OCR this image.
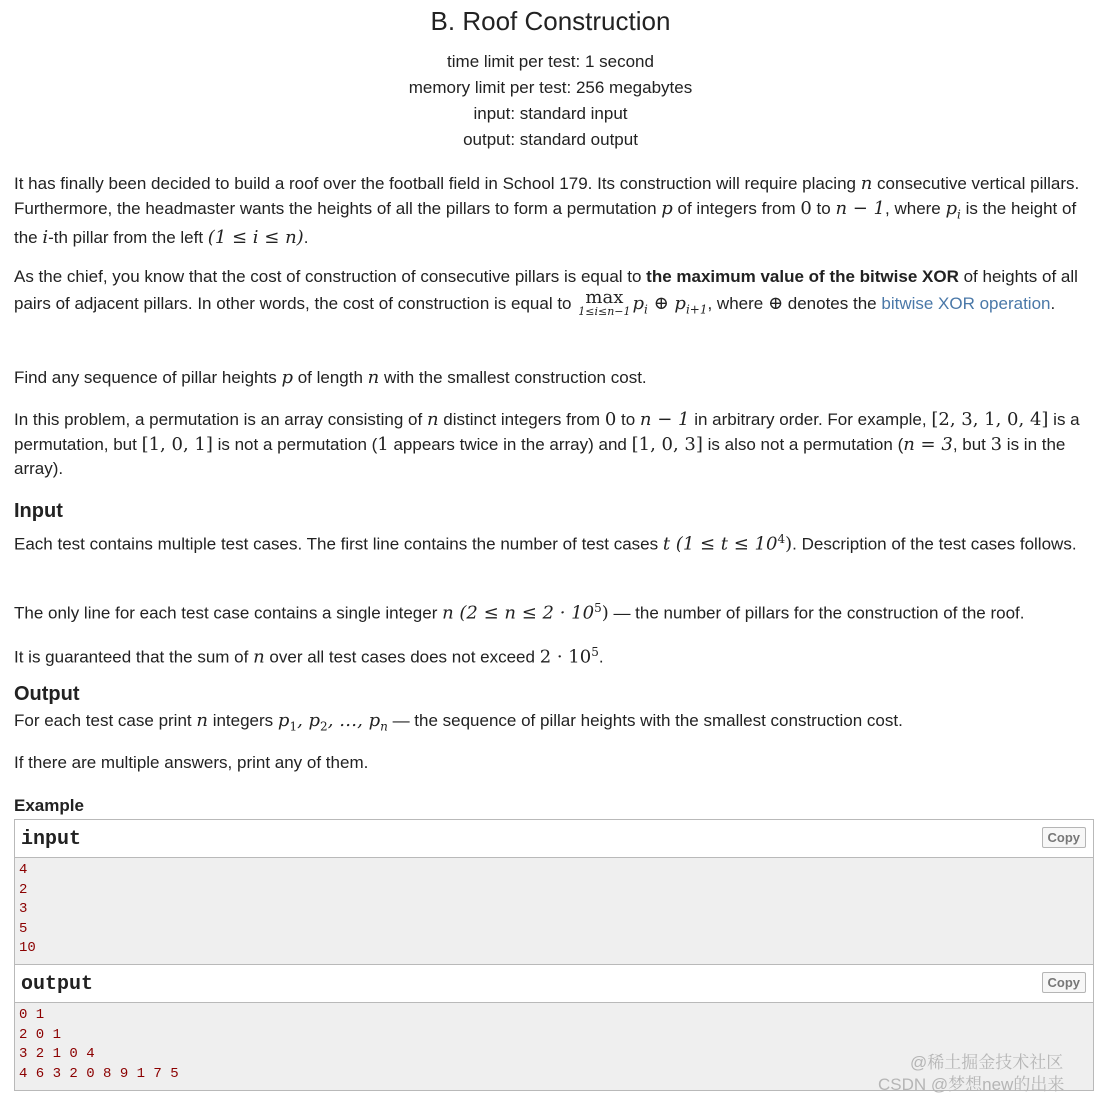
B. Roof Construction
time limit per test: 1 second
memory limit per test: 256 megabytes
input: standard input
output: standard output
It has finally been decided to build a roof over the football field in School 179. Its construction will require placing n consecutive vertical pillars. Furthermore, the headmaster wants the heights of all the pillars to form a permutation p of integers from 0 to n − 1, where $p_i$ is the height of the i-th pillar from the left (1 ≤ i ≤ n).
As the chief, you know that the cost of construction of consecutive pillars is equal to the maximum value of the bitwise XOR of heights of all pairs of adjacent pillars. In other words, the cost of construction is equal to max
1≤i≤n−1 $p_i$ ⊕ $p_{i+1}$, where ⊕ denotes the bitwise XOR operation.
Find any sequence of pillar heights p of length n with the smallest construction cost.
In this problem, a permutation is an array consisting of n distinct integers from 0 to n − 1 in arbitrary order. For example, [2, 3, 1, 0, 4] is a permutation, but [1, 0, 1] is not a permutation (1 appears twice in the array) and [1, 0, 3] is also not a permutation (n = 3, but 3 is in the array).
Input
Each test contains multiple test cases. The first line contains the number of test cases t $(1 \le t \le 10^4)$. Description of the test cases follows.
The only line for each test case contains a single integer n $(2 \le n \le 2 \cdot 10^5)$ — the number of pillars for the construction of the roof.
It is guaranteed that the sum of n over all test cases does not exceed $2 \cdot 10^5$.
Output
For each test case print n integers $p_1$, $p_2$, …, $p_n$ — the sequence of pillar heights with the smallest construction cost.
If there are multiple answers, print any of them.
Example
input	Copy
4
2
3
5
10
output	Copy
0 1
2 0 1
3 2 1 0 4
4 6 3 2 0 8 9 1 7 5
@稀土掘金技术社区
CSDN @梦想new的出来
